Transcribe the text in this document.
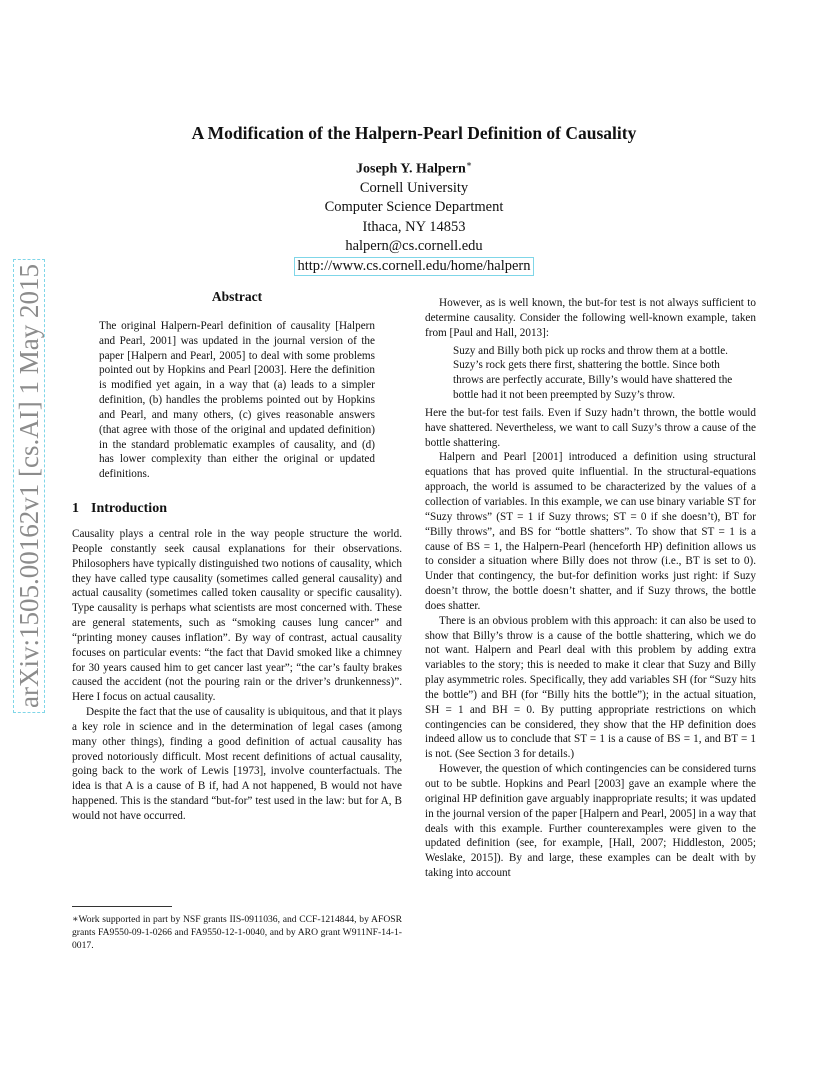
arXiv:1505.00162v1 [cs.AI] 1 May 2015
A Modification of the Halpern-Pearl Definition of Causality
Joseph Y. Halpern∗
Cornell University
Computer Science Department
Ithaca, NY 14853
halpern@cs.cornell.edu
http://www.cs.cornell.edu/home/halpern
Abstract

The original Halpern-Pearl definition of causality [Halpern and Pearl, 2001] was updated in the journal version of the paper [Halpern and Pearl, 2005] to deal with some problems pointed out by Hopkins and Pearl [2003]. Here the definition is modified yet again, in a way that (a) leads to a simpler definition, (b) handles the problems pointed out by Hopkins and Pearl, and many others, (c) gives reasonable answers (that agree with those of the original and updated definition) in the standard problematic examples of causality, and (d) has lower complexity than either the original or updated definitions.

1 Introduction

Causality plays a central role in the way people structure the world. People constantly seek causal explanations for their observations. Philosophers have typically distinguished two notions of causality, which they have called type causality (sometimes called general causality) and actual causality (sometimes called token causality or specific causality). Type causality is perhaps what scientists are most concerned with. These are general statements, such as “smoking causes lung cancer” and “printing money causes inflation”. By way of contrast, actual causality focuses on particular events: “the fact that David smoked like a chimney for 30 years caused him to get cancer last year”; “the car’s faulty brakes caused the accident (not the pouring rain or the driver’s drunkenness)”. Here I focus on actual causality.

Despite the fact that the use of causality is ubiquitous, and that it plays a key role in science and in the determination of legal cases (among many other things), finding a good definition of actual causality has proved notoriously difficult. Most recent definitions of actual causality, going back to the work of Lewis [1973], involve counterfactuals. The idea is that A is a cause of B if, had A not happened, B would not have happened. This is the standard “but-for” test used in the law: but for A, B would not have occurred.

However, as is well known, the but-for test is not always sufficient to determine causality. Consider the following well-known example, taken from [Paul and Hall, 2013]:

Suzy and Billy both pick up rocks and throw them at a bottle. Suzy’s rock gets there first, shattering the bottle. Since both throws are perfectly accurate, Billy’s would have shattered the bottle had it not been preempted by Suzy’s throw.

Here the but-for test fails. Even if Suzy hadn’t thrown, the bottle would have shattered. Nevertheless, we want to call Suzy’s throw a cause of the bottle shattering.

Halpern and Pearl [2001] introduced a definition using structural equations that has proved quite influential. In the structural-equations approach, the world is assumed to be characterized by the values of a collection of variables. In this example, we can use binary variable ST for “Suzy throws” (ST = 1 if Suzy throws; ST = 0 if she doesn’t), BT for “Billy throws”, and BS for “bottle shatters”. To show that ST = 1 is a cause of BS = 1, the Halpern-Pearl (henceforth HP) definition allows us to consider a situation where Billy does not throw (i.e., BT is set to 0). Under that contingency, the but-for definition works just right: if Suzy doesn’t throw, the bottle doesn’t shatter, and if Suzy throws, the bottle does shatter.

There is an obvious problem with this approach: it can also be used to show that Billy’s throw is a cause of the bottle shattering, which we do not want. Halpern and Pearl deal with this problem by adding extra variables to the story; this is needed to make it clear that Suzy and Billy play asymmetric roles. Specifically, they add variables SH (for “Suzy hits the bottle”) and BH (for “Billy hits the bottle”); in the actual situation, SH = 1 and BH = 0. By putting appropriate restrictions on which contingencies can be considered, they show that the HP definition does indeed allow us to conclude that ST = 1 is a cause of BS = 1, and BT = 1 is not. (See Section 3 for details.)

However, the question of which contingencies can be considered turns out to be subtle. Hopkins and Pearl [2003] gave an example where the original HP definition gave arguably inappropriate results; it was updated in the journal version of the paper [Halpern and Pearl, 2005] in a way that deals with this example. Further counterexamples were given to the updated definition (see, for example, [Hall, 2007; Hiddleston, 2005; Weslake, 2015]). By and large, these examples can be dealt with by taking into account

∗Work supported in part by NSF grants IIS-0911036, and CCF-1214844, by AFOSR grants FA9550-09-1-0266 and FA9550-12-1-0040, and by ARO grant W911NF-14-1-0017.
